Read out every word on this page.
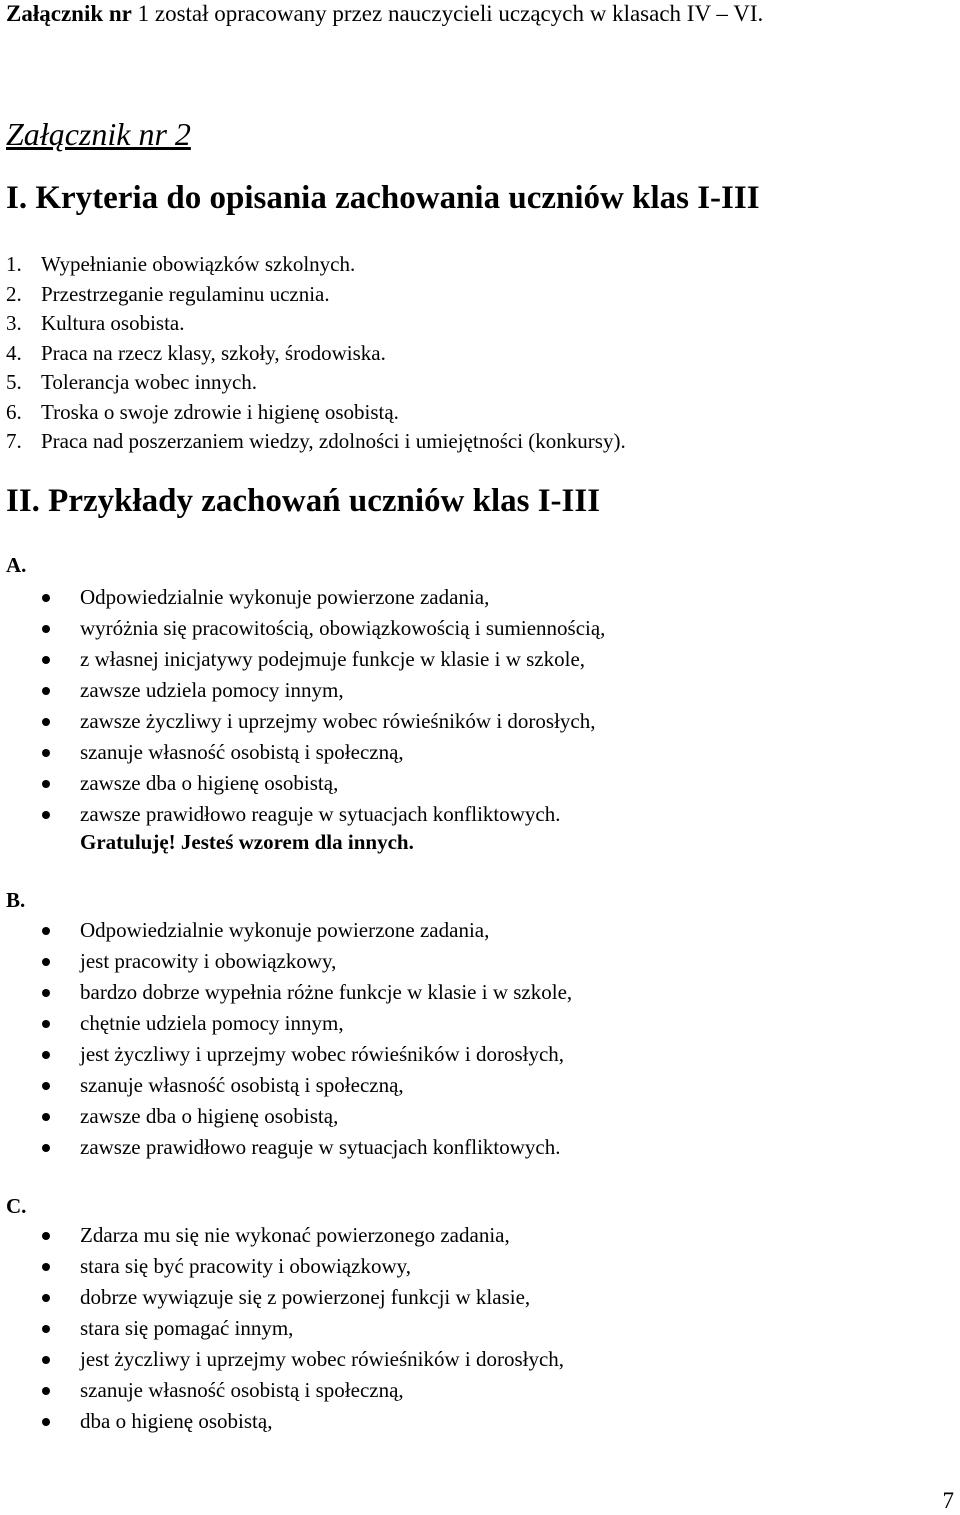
Załącznik nr 1 został opracowany przez nauczycieli uczących w klasach IV – VI.
Załącznik nr 2
I. Kryteria do opisania zachowania uczniów klas I-III
1. Wypełnianie obowiązków szkolnych.
2. Przestrzeganie regulaminu ucznia.
3. Kultura osobista.
4. Praca na rzecz klasy, szkoły, środowiska.
5. Tolerancja wobec innych.
6. Troska o swoje zdrowie i higienę osobistą.
7. Praca nad poszerzaniem wiedzy, zdolności i umiejętności (konkursy).
II. Przykłady zachowań uczniów klas I-III
A.
Odpowiedzialnie wykonuje powierzone zadania,
wyróżnia się pracowitością, obowiązkowością i sumiennością,
z własnej inicjatywy podejmuje funkcje w klasie i w szkole,
zawsze udziela pomocy innym,
zawsze życzliwy i uprzejmy wobec rówieśników i dorosłych,
szanuje własność osobistą i społeczną,
zawsze dba o higienę osobistą,
zawsze prawidłowo reaguje w sytuacjach konfliktowych.
Gratuluję! Jesteś wzorem dla innych.
B.
Odpowiedzialnie wykonuje powierzone zadania,
jest pracowity i obowiązkowy,
bardzo dobrze wypełnia różne funkcje w klasie i w szkole,
chętnie udziela pomocy innym,
jest życzliwy i uprzejmy wobec rówieśników i dorosłych,
szanuje własność osobistą i społeczną,
zawsze dba o higienę osobistą,
zawsze prawidłowo reaguje w sytuacjach konfliktowych.
C.
Zdarza mu się nie wykonać powierzonego zadania,
stara się być pracowity i obowiązkowy,
dobrze wywiązuje się z powierzonej funkcji w klasie,
stara się pomagać innym,
jest życzliwy i uprzejmy wobec rówieśników i dorosłych,
szanuje własność osobistą i społeczną,
dba o higienę osobistą,
7
